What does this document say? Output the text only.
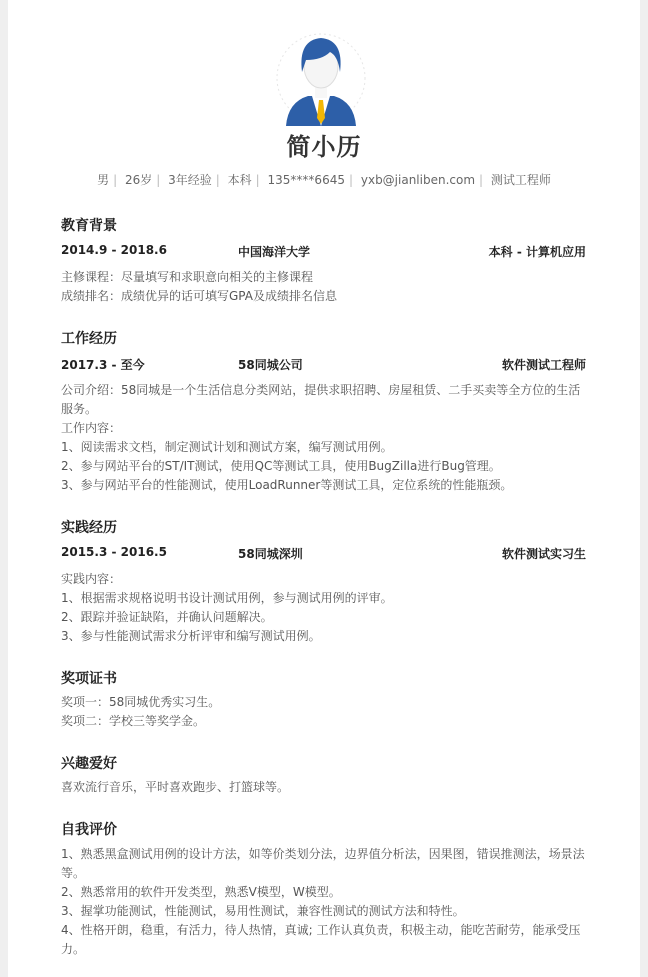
简小历
男 | 26岁 | 3年经验 | 本科 | 135****6645 | yxb@jianliben.com | 测试工程师
教育背景
2014.9 - 2018.6	中国海洋大学	本科 - 计算机应用
主修课程：尽量填写和求职意向相关的主修课程
成绩排名：成绩优异的话可填写GPA及成绩排名信息
工作经历
2017.3 - 至今	58同城公司	软件测试工程师
公司介绍：58同城是一个生活信息分类网站，提供求职招聘、房屋租赁、二手买卖等全方位的生活服务。
工作内容：
1、阅读需求文档，制定测试计划和测试方案，编写测试用例。
2、参与网站平台的ST/IT测试，使用QC等测试工具，使用BugZilla进行Bug管理。
3、参与网站平台的性能测试，使用LoadRunner等测试工具，定位系统的性能瓶颈。
实践经历
2015.3 - 2016.5	58同城深圳	软件测试实习生
实践内容：
1、根据需求规格说明书设计测试用例，参与测试用例的评审。
2、跟踪并验证缺陷，并确认问题解决。
3、参与性能测试需求分析评审和编写测试用例。
奖项证书
奖项一：58同城优秀实习生。
奖项二：学校三等奖学金。
兴趣爱好
喜欢流行音乐，平时喜欢跑步、打篮球等。
自我评价
1、熟悉黑盒测试用例的设计方法，如等价类划分法，边界值分析法，因果图，错误推测法，场景法等。
2、熟悉常用的软件开发类型，熟悉V模型，W模型。
3、握掌功能测试，性能测试，易用性测试，兼容性测试的测试方法和特性。
4、性格开朗，稳重，有活力，待人热情，真诚; 工作认真负责，积极主动，能吃苦耐劳，能承受压力。
